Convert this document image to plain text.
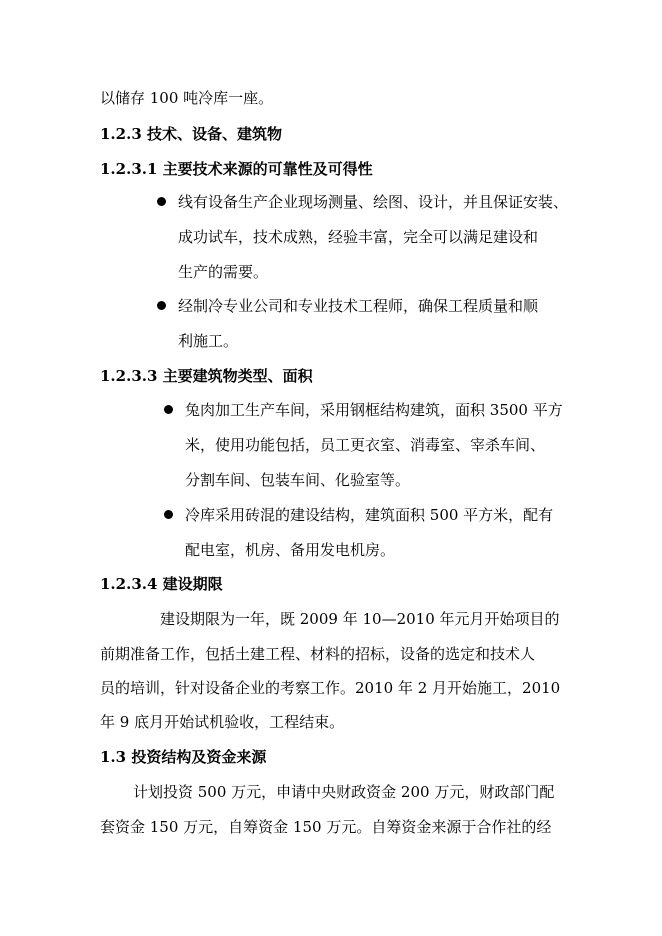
以储存 100 吨冷库一座。
1.2.3 技术、设备、建筑物
1.2.3.1 主要技术来源的可靠性及可得性
线有设备生产企业现场测量、绘图、设计，并且保证安装、
成功试车，技术成熟，经验丰富，完全可以满足建设和
生产的需要。
经制冷专业公司和专业技术工程师，确保工程质量和顺
利施工。
1.2.3.3 主要建筑物类型、面积
兔肉加工生产车间，采用钢框结构建筑，面积 3500 平方
米，使用功能包括，员工更衣室、消毒室、宰杀车间、
分割车间、包装车间、化验室等。
冷库采用砖混的建设结构，建筑面积 500 平方米，配有
配电室，机房、备用发电机房。
1.2.3.4 建设期限
建设期限为一年，既 2009 年 10—2010 年元月开始项目的
前期准备工作，包括土建工程、材料的招标，设备的选定和技术人
员的培训，针对设备企业的考察工作。2010 年 2 月开始施工，2010
年 9 底月开始试机验收，工程结束。
1.3 投资结构及资金来源
计划投资 500 万元，申请中央财政资金 200 万元，财政部门配
套资金 150 万元，自筹资金 150 万元。自筹资金来源于合作社的经
